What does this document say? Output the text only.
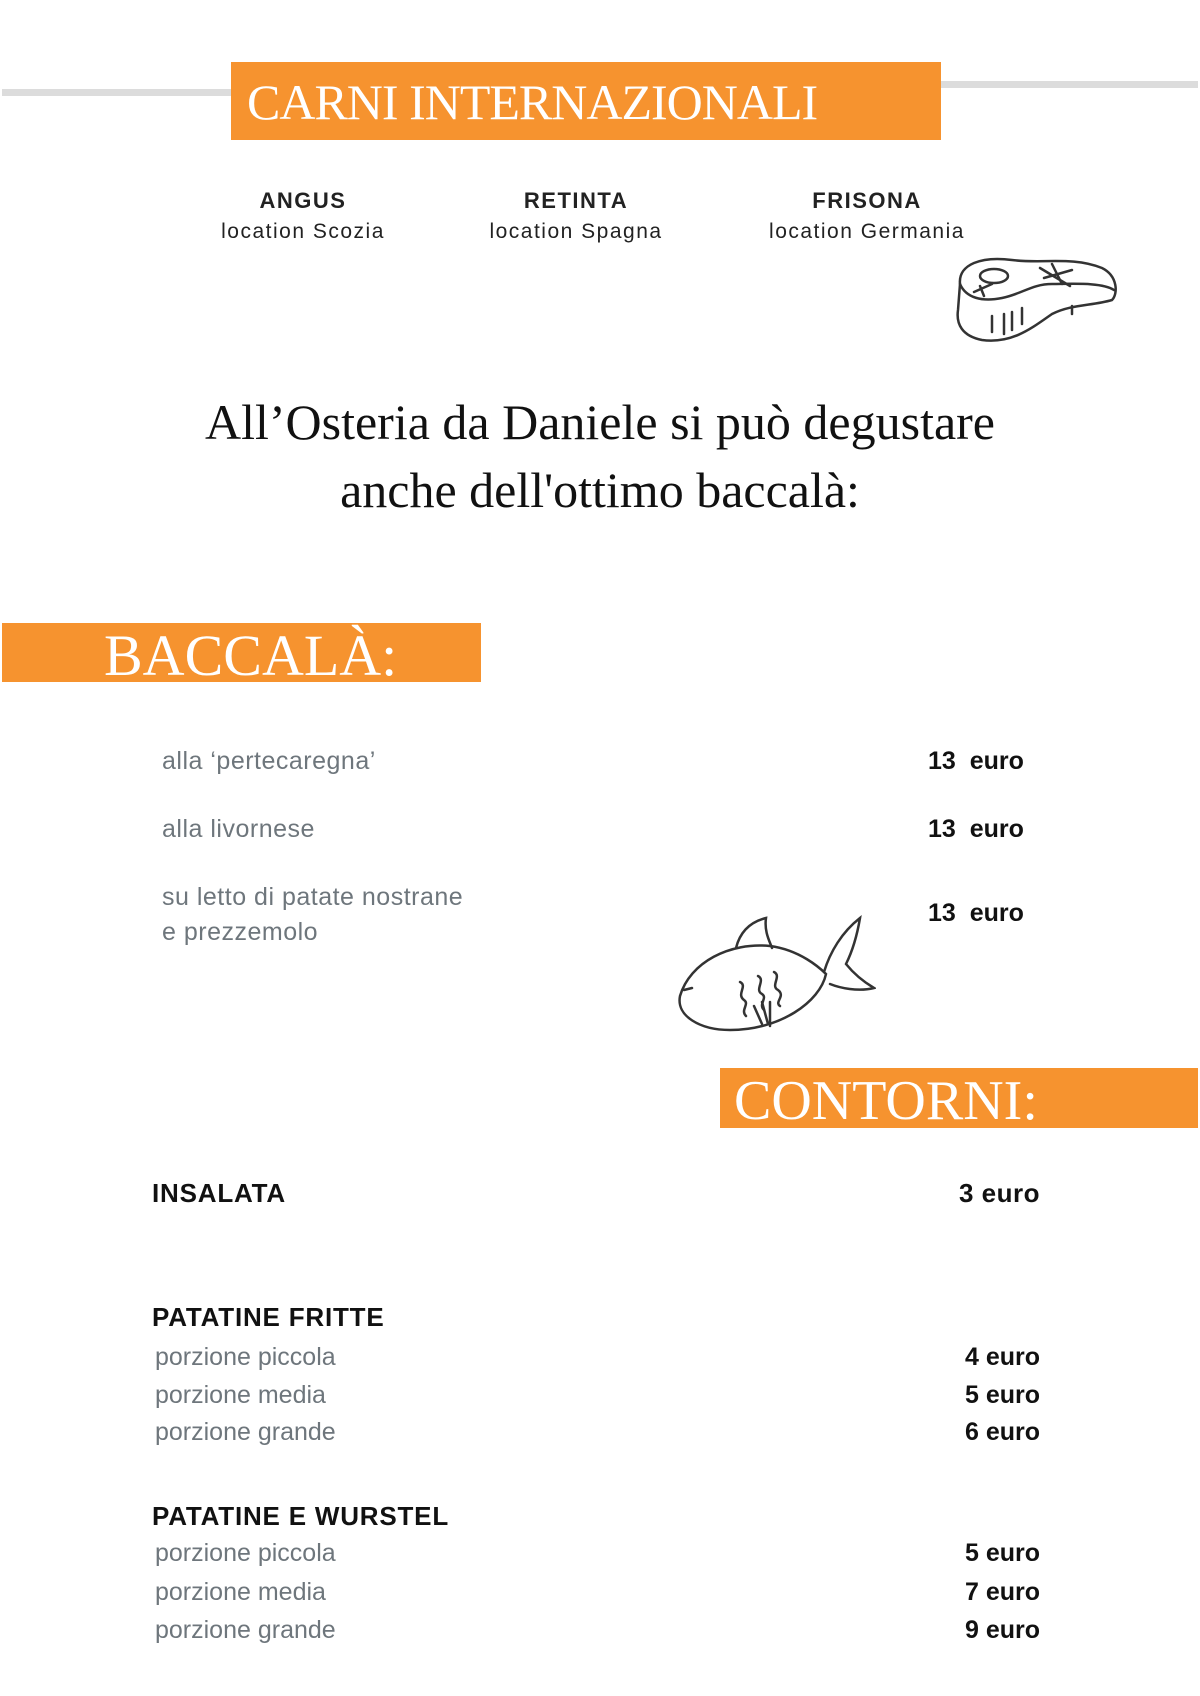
CARNI INTERNAZIONALI
ANGUS
location Scozia
RETINTA
location Spagna
FRISONA
location Germania
All’Osteria da Daniele si può degustare
anche dell'ottimo baccalà:
BACCALÀ:
alla ‘pertecaregna’	13  euro
alla livornese	13  euro
su letto di patate nostrane
e prezzemolo
13  euro
CONTORNI:
INSALATA	3 euro
PATATINE FRITTE
porzione piccola	4 euro
porzione media	5 euro
porzione grande	6 euro
PATATINE E WURSTEL
porzione piccola	5 euro
porzione media	7 euro
porzione grande	9 euro
